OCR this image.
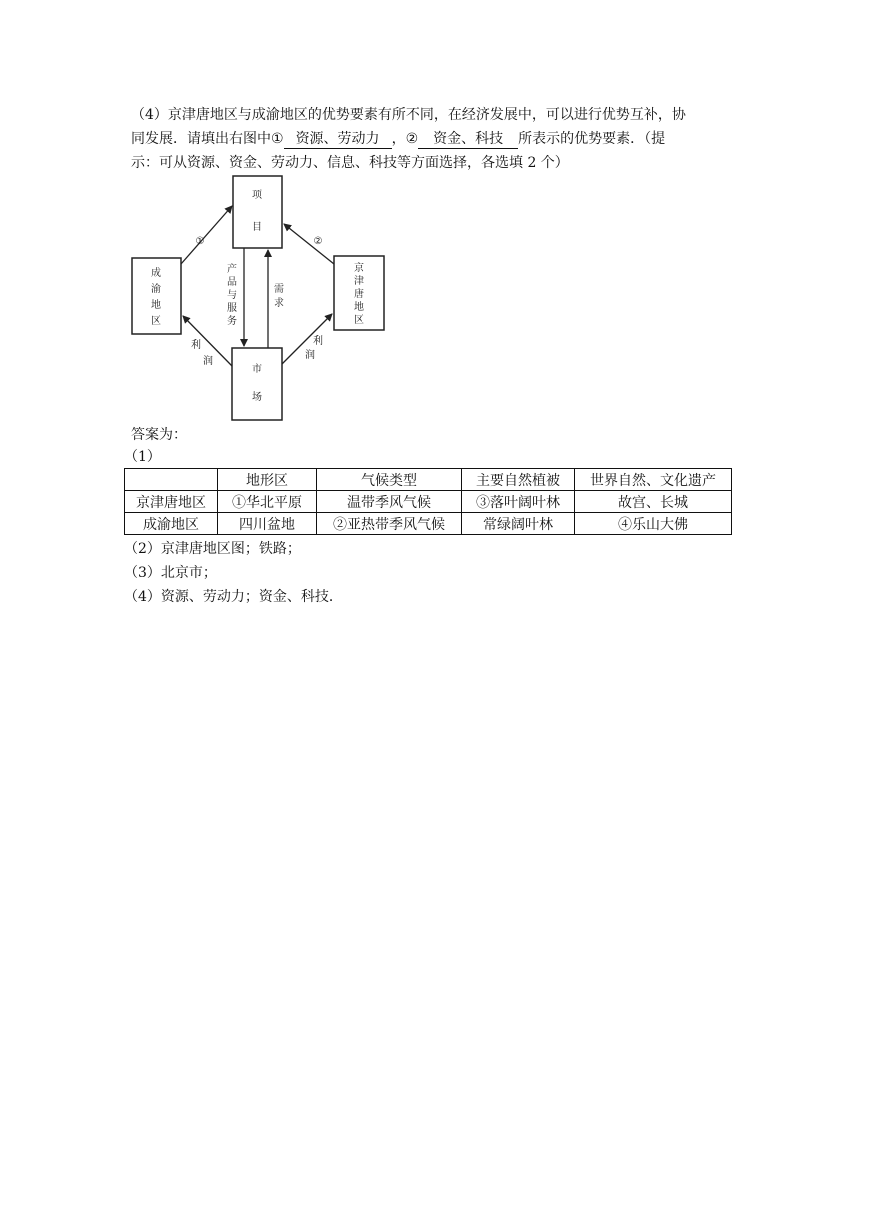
（4）京津唐地区与成渝地区的优势要素有所不同，在经济发展中，可以进行优势互补，协
同发展．请填出右图中① 资源、劳动力 ，② 资金、科技 所表示的优势要素．（提
示：可从资源、资金、劳动力、信息、科技等方面选择，各选填 2 个）
项
目
成
渝
地
区
京
津
唐
地
区
市
场
①	②
产
品
与
服
务
需
求
利
润
利
润
答案为：
（1）
	地形区	气候类型	主要自然植被	世界自然、文化遗产
京津唐地区	①华北平原	温带季风气候	③落叶阔叶林	故宫、长城
成渝地区	四川盆地	②亚热带季风气候	常绿阔叶林	④乐山大佛
（2）京津唐地区图；铁路；
（3）北京市；
（4）资源、劳动力；资金、科技．
